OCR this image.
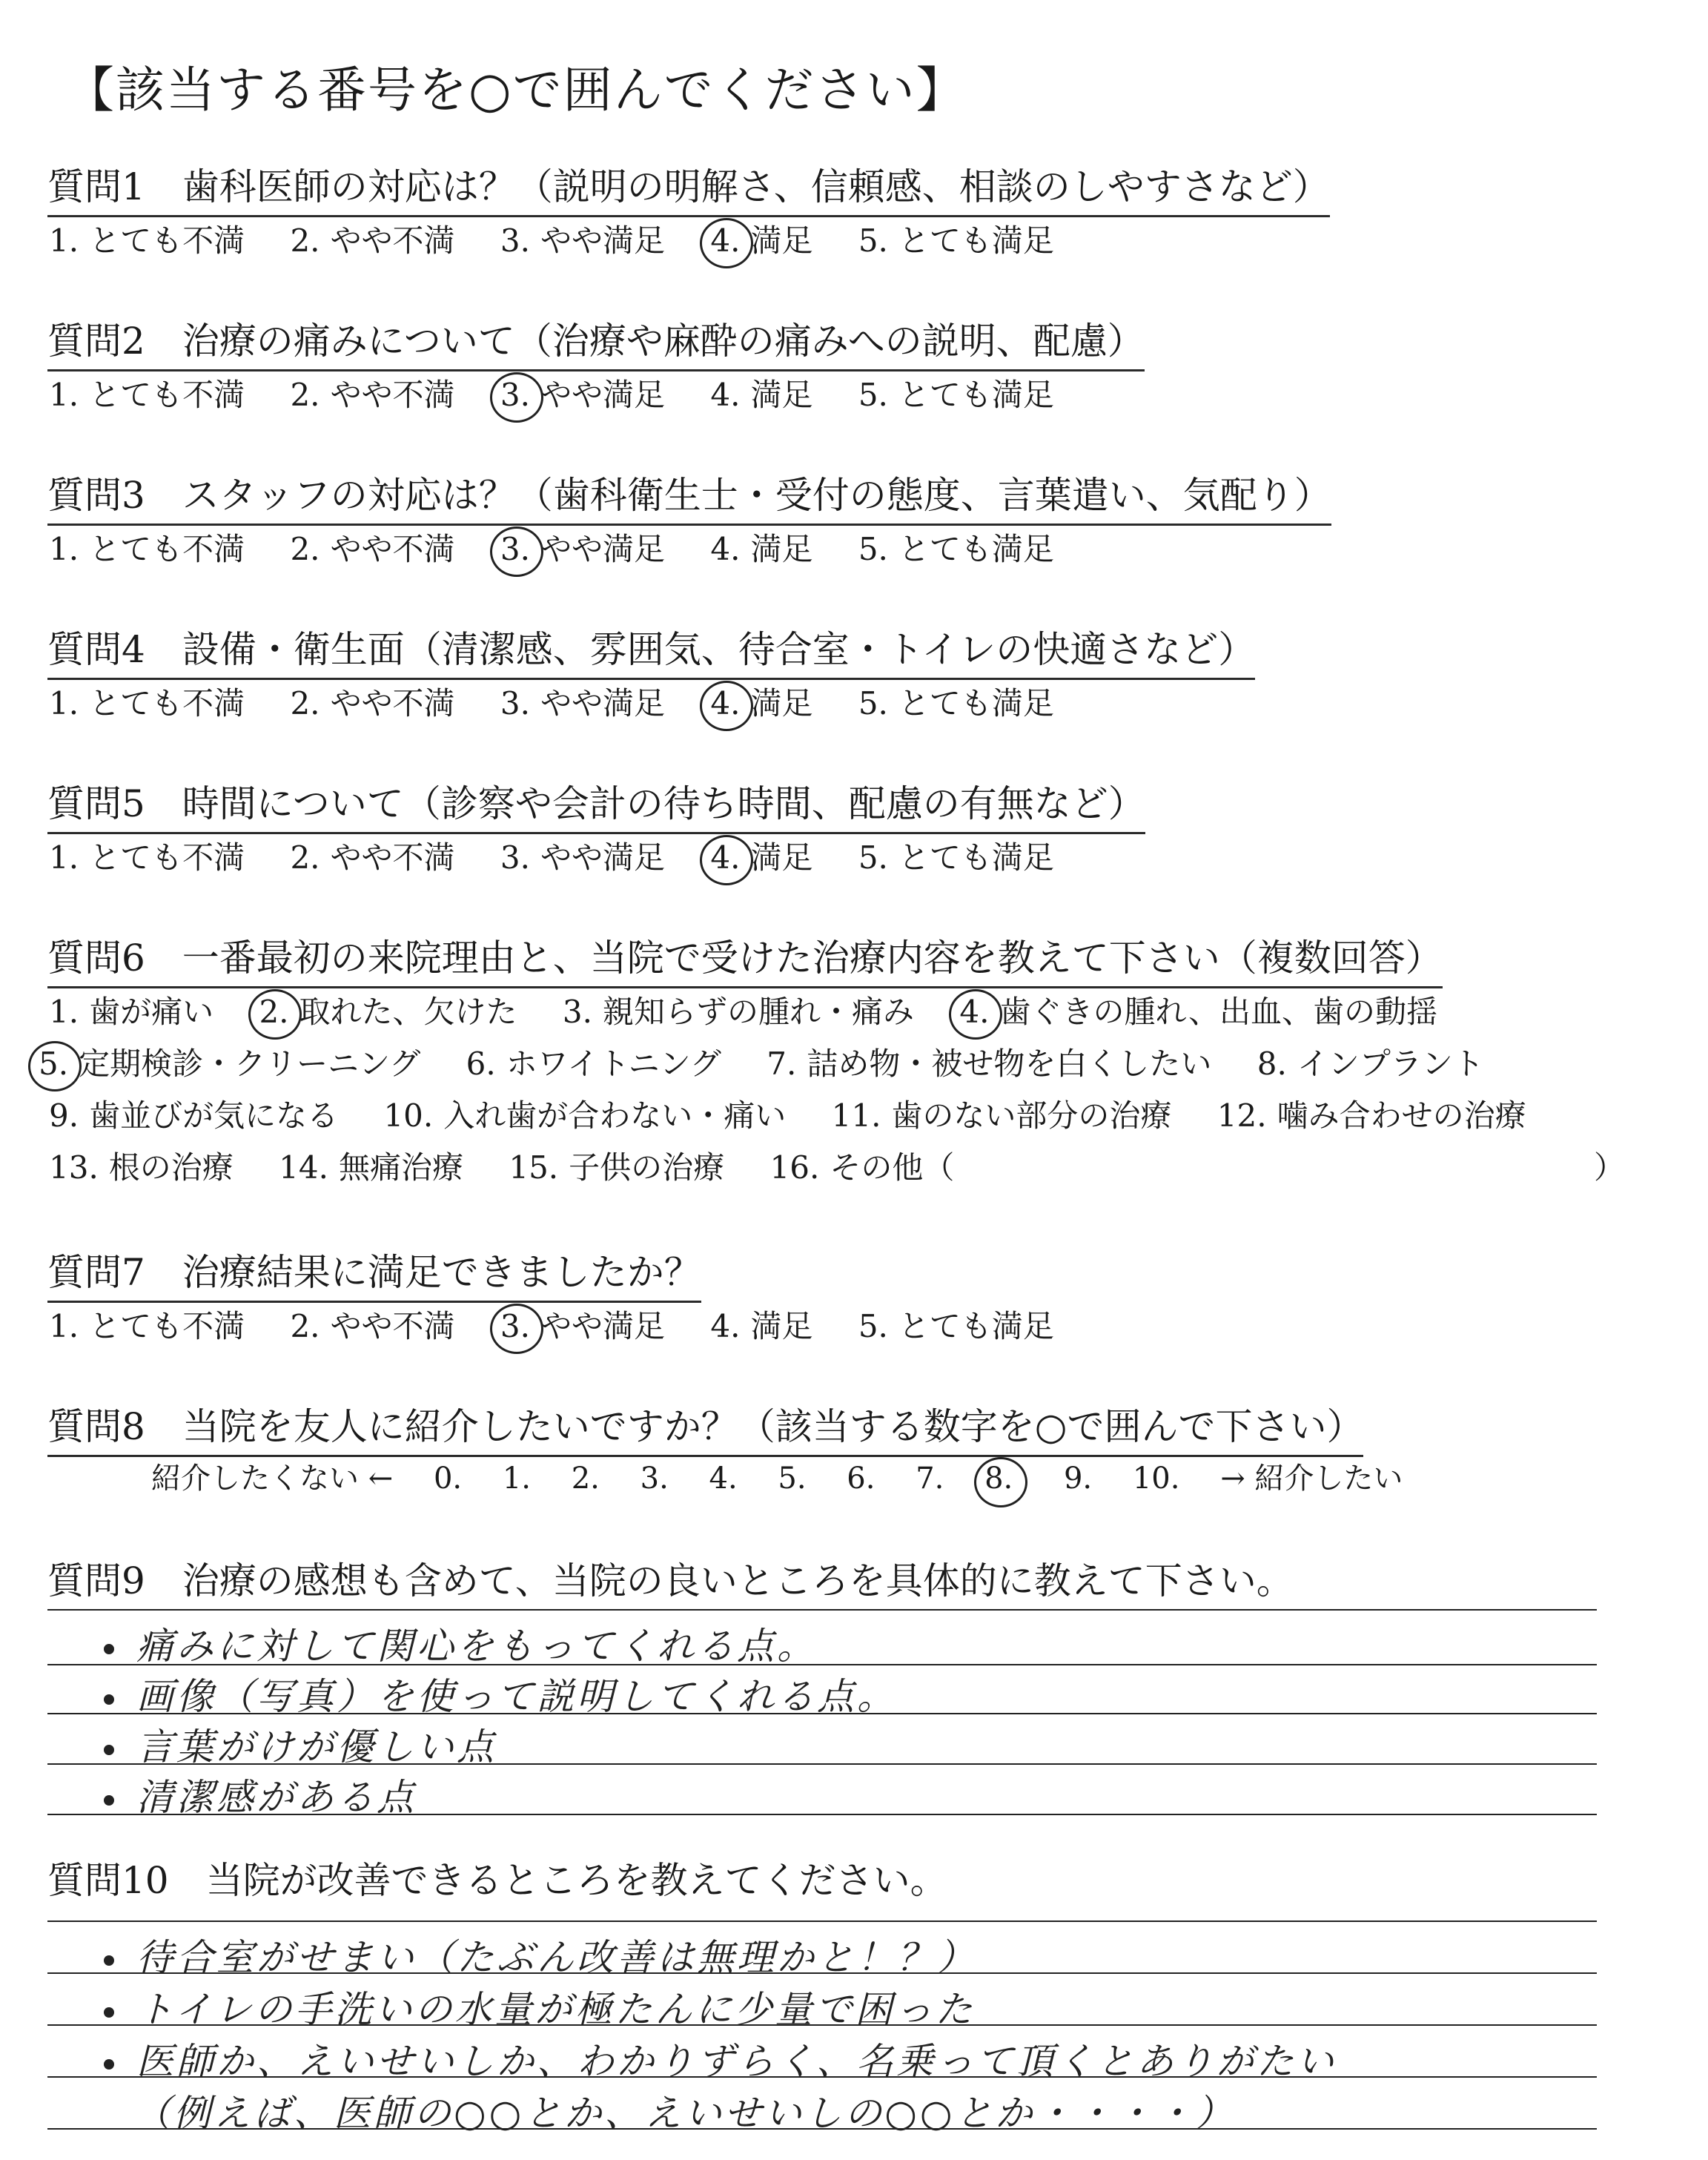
【該当する番号を○で囲んでください】
質問1　歯科医師の対応は？（説明の明解さ、信頼感、相談のしやすさなど）
1. とても不満 2. やや不満 3. やや満足 4. 満足 5. とても満足
質問2　治療の痛みについて（治療や麻酔の痛みへの説明、配慮）
1. とても不満 2. やや不満 3. やや満足 4. 満足 5. とても満足
質問3　スタッフの対応は？（歯科衛生士・受付の態度、言葉遣い、気配り）
1. とても不満 2. やや不満 3. やや満足 4. 満足 5. とても満足
質問4　設備・衛生面（清潔感、雰囲気、待合室・トイレの快適さなど）
1. とても不満 2. やや不満 3. やや満足 4. 満足 5. とても満足
質問5　時間について（診察や会計の待ち時間、配慮の有無など）
1. とても不満 2. やや不満 3. やや満足 4. 満足 5. とても満足
質問6　一番最初の来院理由と、当院で受けた治療内容を教えて下さい（複数回答）
1. 歯が痛い 2. 取れた、欠けた 3. 親知らずの腫れ・痛み 4. 歯ぐきの腫れ、出血、歯の動揺
5. 定期検診・クリーニング 6. ホワイトニング 7. 詰め物・被せ物を白くしたい 8. インプラント
9. 歯並びが気になる 10. 入れ歯が合わない・痛い 11. 歯のない部分の治療 12. 噛み合わせの治療
13. 根の治療 14. 無痛治療 15. 子供の治療 16. その他（	）
質問7　治療結果に満足できましたか？
1. とても不満 2. やや不満 3. やや満足 4. 満足 5. とても満足
質問8　当院を友人に紹介したいですか？（該当する数字を○で囲んで下さい）
紹介したくない ← 0. 1. 2. 3. 4. 5. 6. 7. 8. 9. 10. → 紹介したい
質問9　治療の感想も含めて、当院の良いところを具体的に教えて下さい。
痛みに対して関心をもってくれる点。
画像（写真）を使って説明してくれる点。
言葉がけが優しい点
清潔感がある点
質問10　当院が改善できるところを教えてください。
待合室がせまい（たぶん改善は無理かと！？）
トイレの手洗いの水量が極たんに少量で困った
医師か、えいせいしか、わかりずらく、名乗って頂くとありがたい
（例えば、医師の○○とか、えいせいしの○○とか・・・・）
